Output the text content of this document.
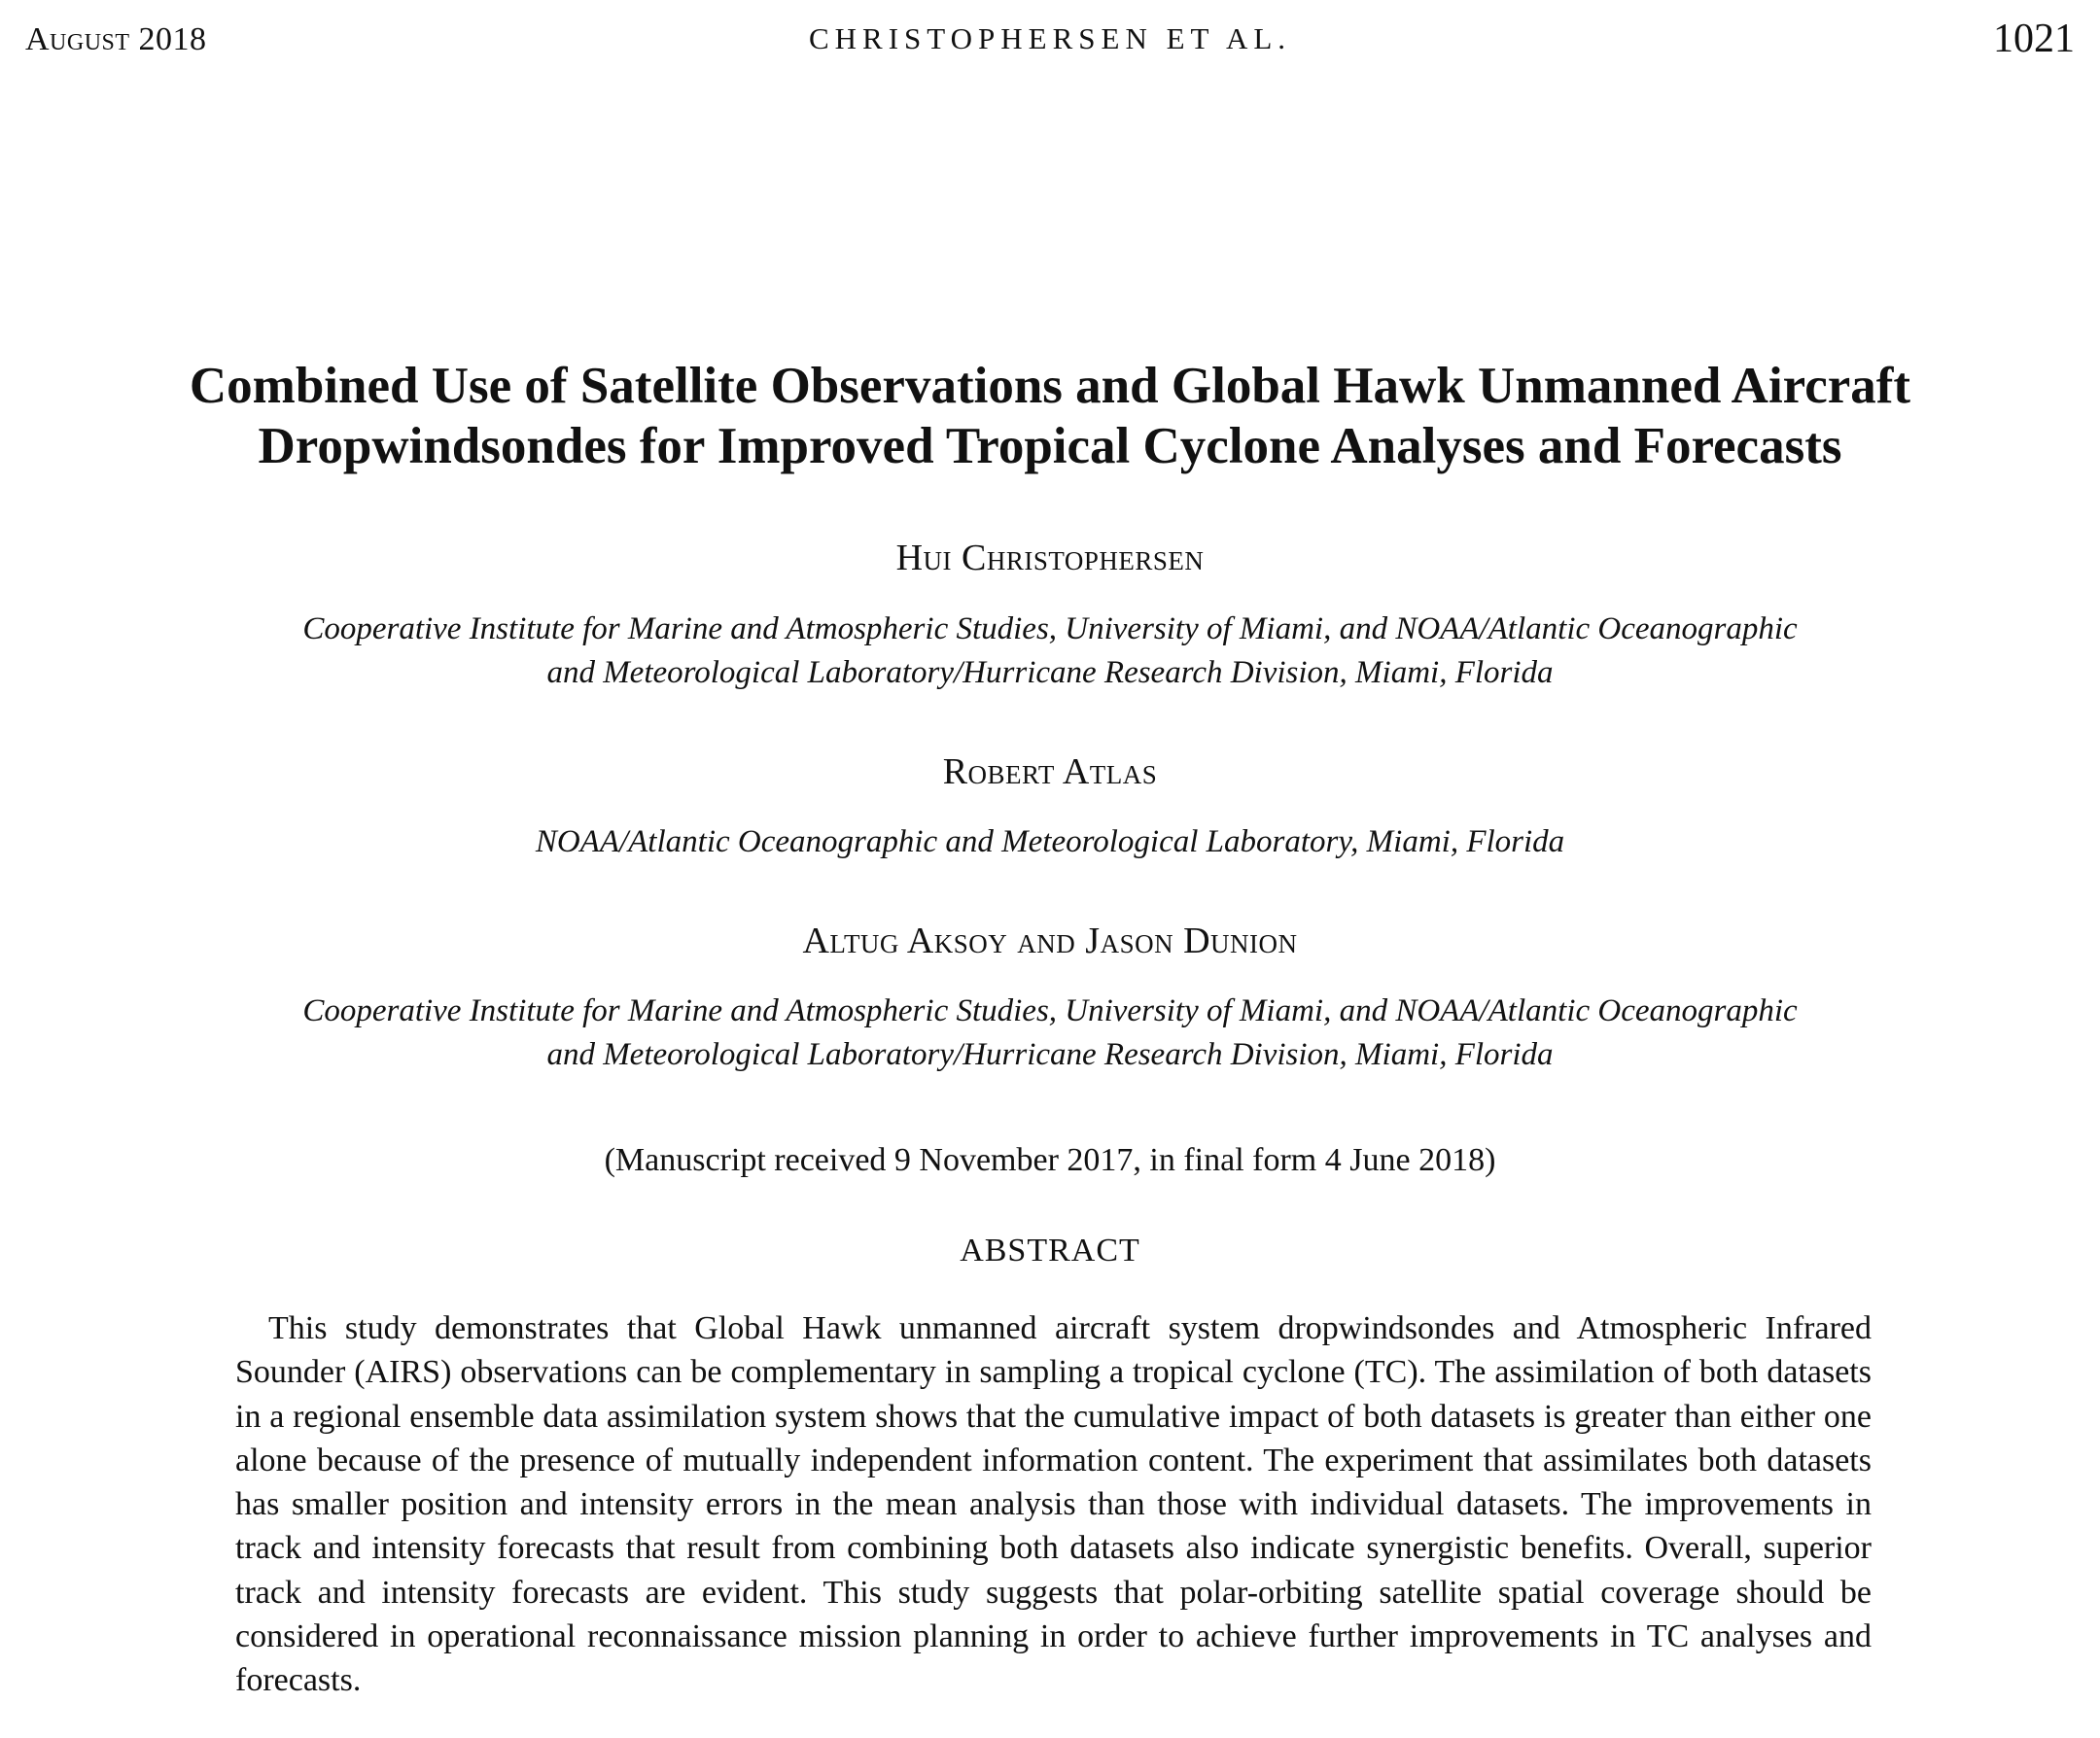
August 2018	CHRISTOPHERSEN ET AL.	1021
Combined Use of Satellite Observations and Global Hawk Unmanned Aircraft
Dropwindsondes for Improved Tropical Cyclone Analyses and Forecasts
Hui Christophersen
Cooperative Institute for Marine and Atmospheric Studies, University of Miami, and NOAA/Atlantic Oceanographic
and Meteorological Laboratory/Hurricane Research Division, Miami, Florida
Robert Atlas
NOAA/Atlantic Oceanographic and Meteorological Laboratory, Miami, Florida
Altug Aksoy and Jason Dunion
Cooperative Institute for Marine and Atmospheric Studies, University of Miami, and NOAA/Atlantic Oceanographic
and Meteorological Laboratory/Hurricane Research Division, Miami, Florida
(Manuscript received 9 November 2017, in final form 4 June 2018)
ABSTRACT

This study demonstrates that Global Hawk unmanned aircraft system dropwindsondes and Atmospheric Infrared Sounder (AIRS) observations can be complementary in sampling a tropical cyclone (TC). The assimilation of both datasets in a regional ensemble data assimilation system shows that the cumulative impact of both datasets is greater than either one alone because of the presence of mutually independent information content. The experiment that assimilates both datasets has smaller position and intensity errors in the mean analysis than those with individual datasets. The improvements in track and intensity forecasts that result from combining both datasets also indicate synergistic benefits. Overall, superior track and intensity forecasts are evident. This study suggests that polar-orbiting satellite spatial coverage should be considered in operational reconnaissance mission planning in order to achieve further improvements in TC analyses and forecasts.
